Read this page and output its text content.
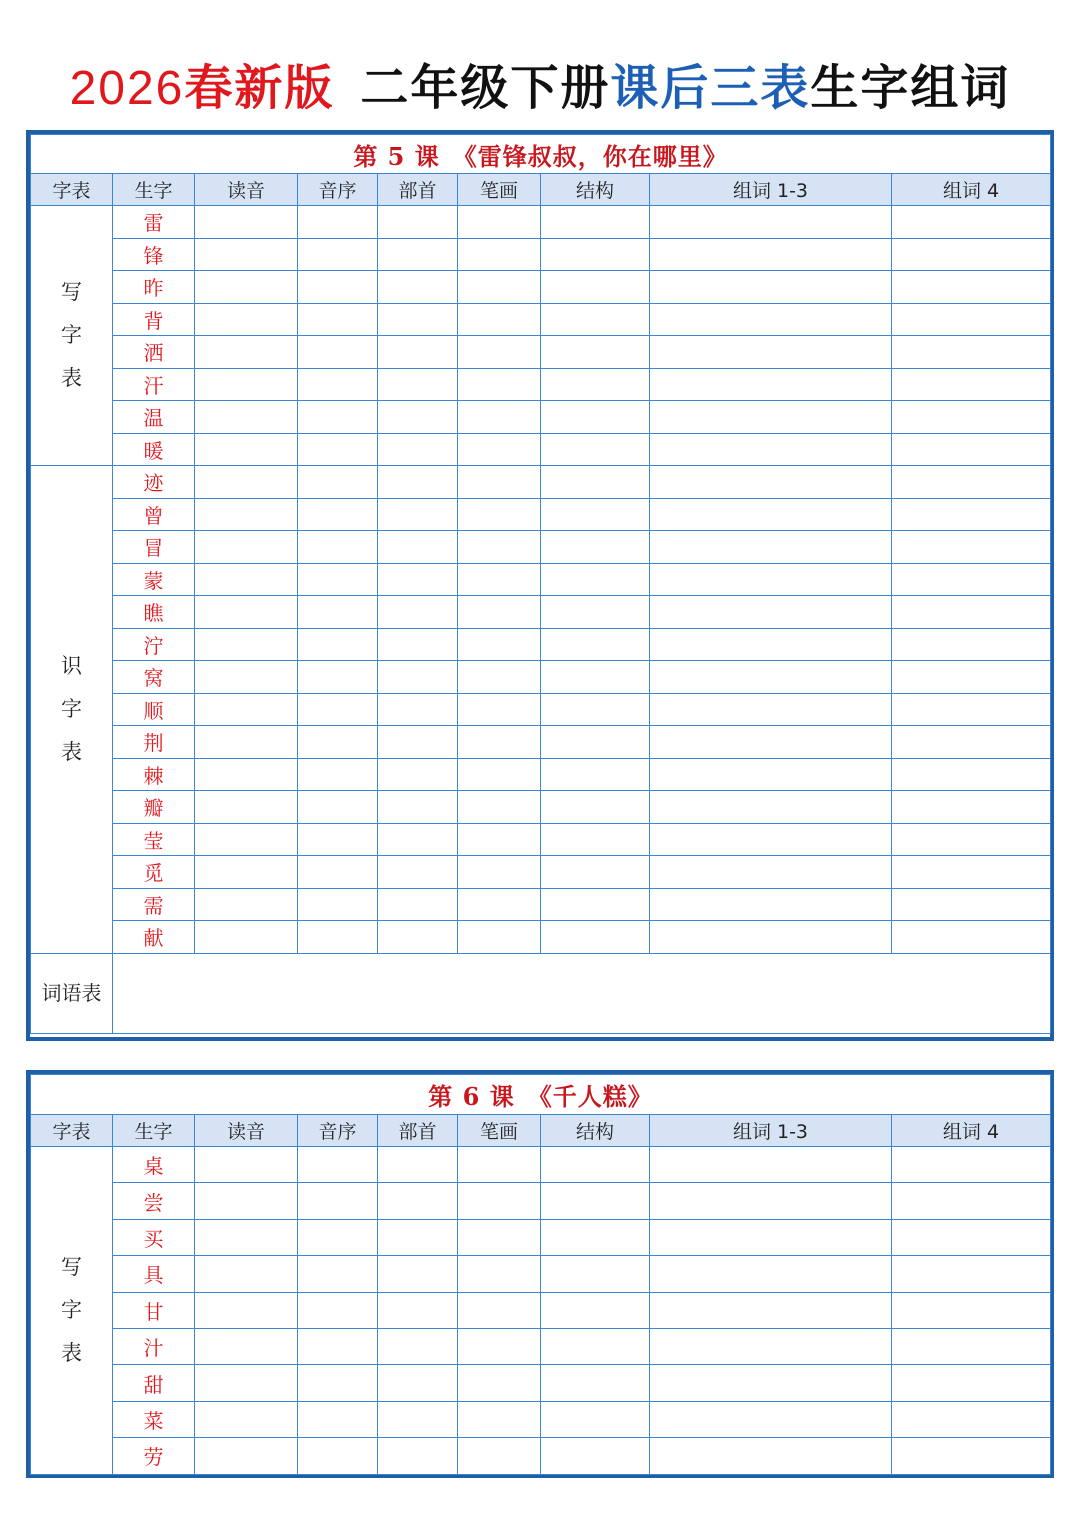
2026春新版 二年级下册课后三表生字组词
第 5 课　《雷锋叔叔，你在哪里》								
字表	生字	读音	音序	部首	笔画	结构	组词 1-3	组词 4

写
字
表	雷							
	锋							
	昨							
	背							
	洒							
	汗							
	温							
	暖							

识
字
表	迹							
	曾							
	冒							
	蒙							
	瞧							
	泞							
	窝							
	顺							
	荆							
	棘							
	瓣							
	莹							
	觅							
	需							
	献							
词语表								
第 6 课　《千人糕》								
字表	生字	读音	音序	部首	笔画	结构	组词 1-3	组词 4

写
字
表	桌							
	尝							
	买							
	具							
	甘							
	汁							
	甜							
	菜							
	劳							
